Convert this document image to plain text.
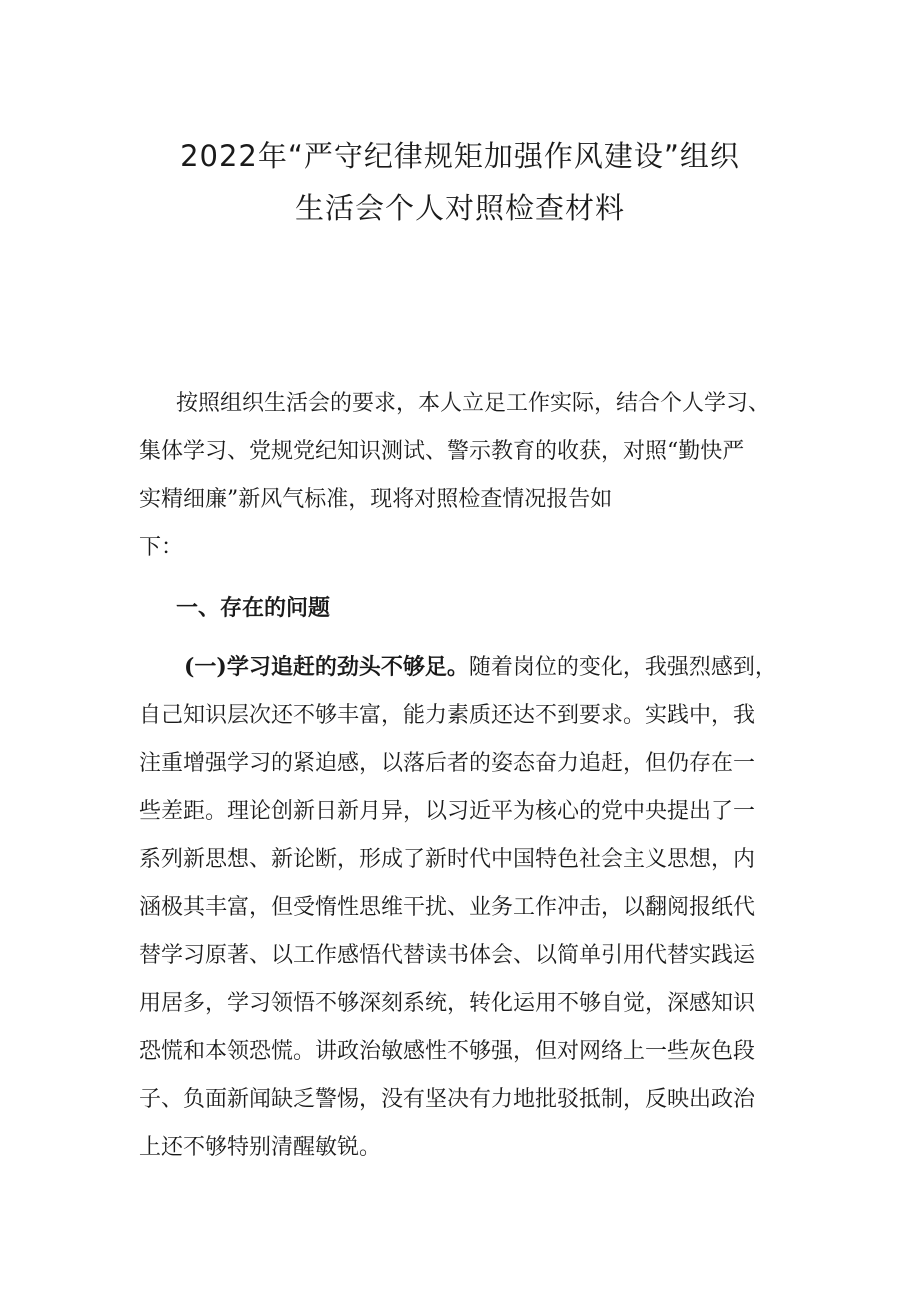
2022年“严守纪律规矩加强作风建设”组织
生活会个人对照检查材料
按照组织生活会的要求，本人立足工作实际，结合个人学习、
集体学习、党规党纪知识测试、警示教育的收获，对照“勤快严
实精细廉”新风气标准，现将对照检查情况报告如
下：
一、存在的问题
(一)学习追赶的劲头不够足。随着岗位的变化，我强烈感到，
自己知识层次还不够丰富，能力素质还达不到要求。实践中，我
注重增强学习的紧迫感，以落后者的姿态奋力追赶，但仍存在一
些差距。理论创新日新月异，以习近平为核心的党中央提出了一
系列新思想、新论断，形成了新时代中国特色社会主义思想，内
涵极其丰富，但受惰性思维干扰、业务工作冲击，以翻阅报纸代
替学习原著、以工作感悟代替读书体会、以简单引用代替实践运
用居多，学习领悟不够深刻系统，转化运用不够自觉，深感知识
恐慌和本领恐慌。讲政治敏感性不够强，但对网络上一些灰色段
子、负面新闻缺乏警惕，没有坚决有力地批驳抵制，反映出政治
上还不够特别清醒敏锐。
